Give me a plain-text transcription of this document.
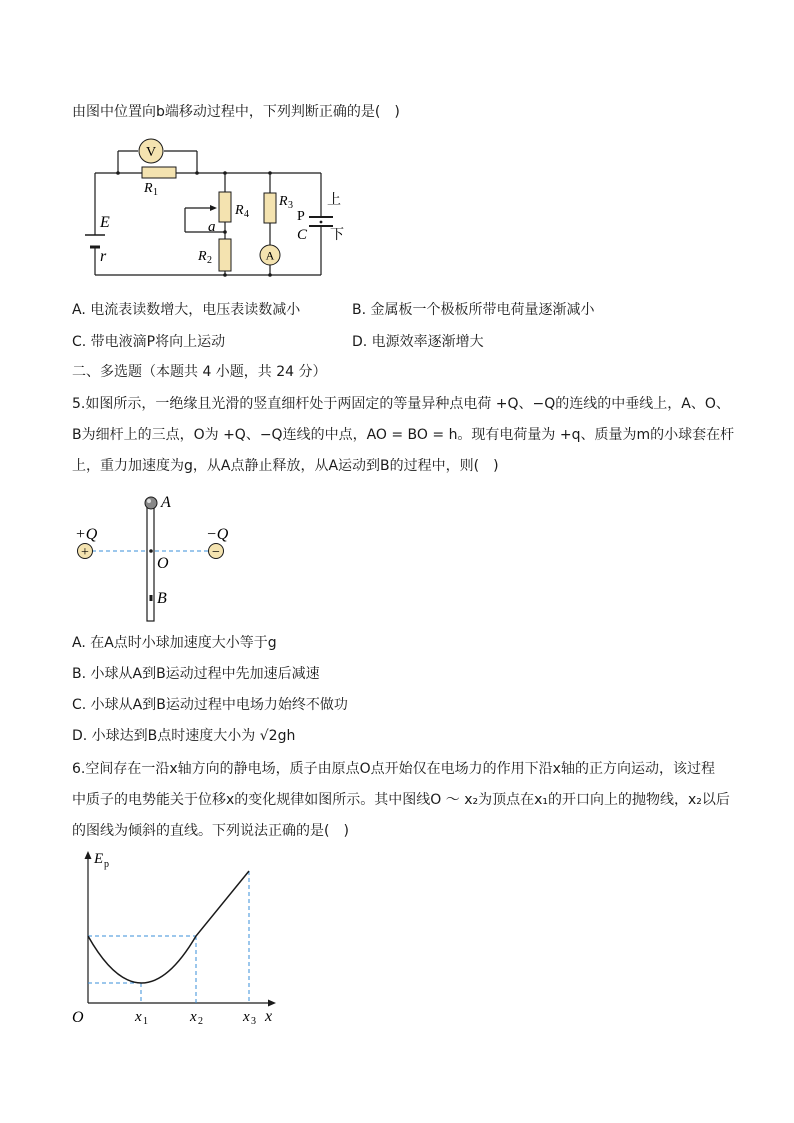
由图中位置向b端移动过程中，下列判断正确的是(　)
V
A
R 1
R 4
R 2
R 3
E
r
a
P
C
上
下
A. 电流表读数增大，电压表读数减小	B. 金属板一个极板所带电荷量逐渐减小
C. 带电液滴P将向上运动	D. 电源效率逐渐增大
二、多选题（本题共 4 小题，共 24 分）
5.如图所示，一绝缘且光滑的竖直细杆处于两固定的等量异种点电荷 +Q、−Q的连线的中垂线上，A、O、
B为细杆上的三点，O为 +Q、−Q连线的中点，AO = BO = h。现有电荷量为 +q、质量为m的小球套在杆
上，重力加速度为g，从A点静止释放，从A运动到B的过程中，则(　)
+	−
+Q	−Q
A
O
B
A. 在A点时小球加速度大小等于g
B. 小球从A到B运动过程中先加速后减速
C. 小球从A到B运动过程中电场力始终不做功
D. 小球达到B点时速度大小为 √2gh
6.空间存在一沿x轴方向的静电场，质子由原点O点开始仅在电场力的作用下沿x轴的正方向运动，该过程
中质子的电势能关于位移x的变化规律如图所示。其中图线O ～ x₂为顶点在x₁的开口向上的抛物线，x₂以后
的图线为倾斜的直线。下列说法正确的是(　)
E p
O	x 1	x 2	x 3 x
